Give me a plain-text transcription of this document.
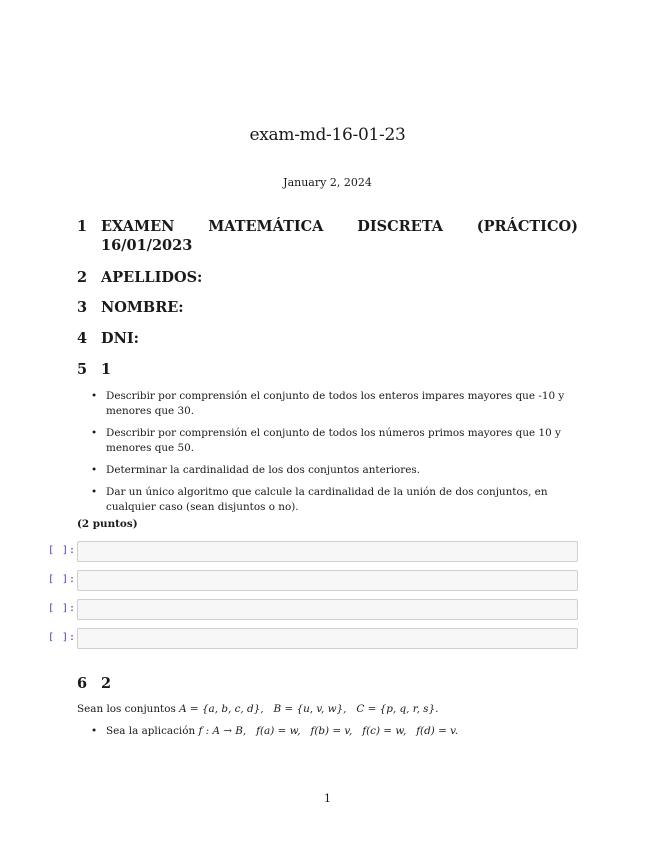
exam-md-16-01-23
January 2, 2024
1 EXAMEN MATEMÁTICA DISCRETA (PRÁCTICO)
16/01/2023
2 APELLIDOS:
3 NOMBRE:
4 DNI:
5 1
• Describir por comprensión el conjunto de todos los enteros impares mayores que -10 y menores que 30.
• Describir por comprensión el conjunto de todos los números primos mayores que 10 y menores que 50.
• Determinar la cardinalidad de los dos conjuntos anteriores.
• Dar un único algoritmo que calcule la cardinalidad de la unión de dos conjuntos, en cualquier caso (sean disjuntos o no).
(2 puntos)
[ ]:
[ ]:
[ ]:
[ ]:
6 2
Sean los conjuntos A = {a, b, c, d}, B = {u, v, w}, C = {p, q, r, s}.
• Sea la aplicación f : A → B, f(a) = w,   f(b) = v,   f(c) = w,   f(d) = v.
1
